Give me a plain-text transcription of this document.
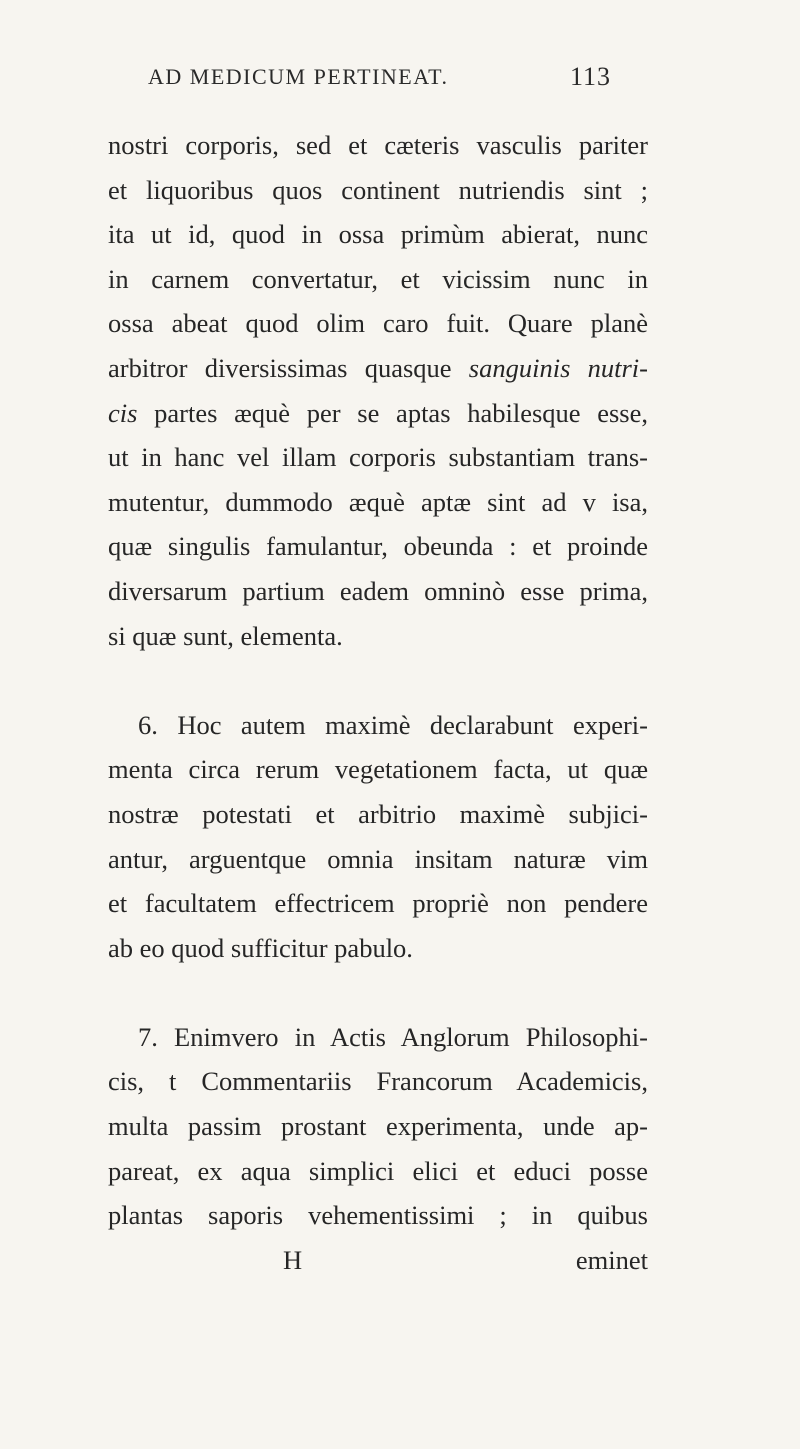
AD MEDICUM PERTINEAT.	113
nostri corporis, sed et cæteris vasculis pariter
et liquoribus quos continent nutriendis sint ;
ita ut id, quod in ossa primùm abierat, nunc
in carnem convertatur, et vicissim nunc in
ossa abeat quod olim caro fuit. Quare planè
arbitror diversissimas quasque sanguinis nutri-
cis partes æquè per se aptas habilesque esse,
ut in hanc vel illam corporis substantiam trans-
mutentur, dummodo æquè aptæ sint ad v isa,
quæ singulis famulantur, obeunda : et proinde
diversarum partium eadem omninò esse prima,
si quæ sunt, elementa.
6. Hoc autem maximè declarabunt experi-
menta circa rerum vegetationem facta, ut quæ
nostræ potestati et arbitrio maximè subjici-
antur, arguentque omnia insitam naturæ vim
et facultatem effectricem propriè non pendere
ab eo quod sufficitur pabulo.
7. Enimvero in Actis Anglorum Philosophi-
cis, t Commentariis Francorum Academicis,
multa passim prostant experimenta, unde ap-
pareat, ex aqua simplici elici et educi posse
plantas saporis vehementissimi ; in quibus
H	eminet
